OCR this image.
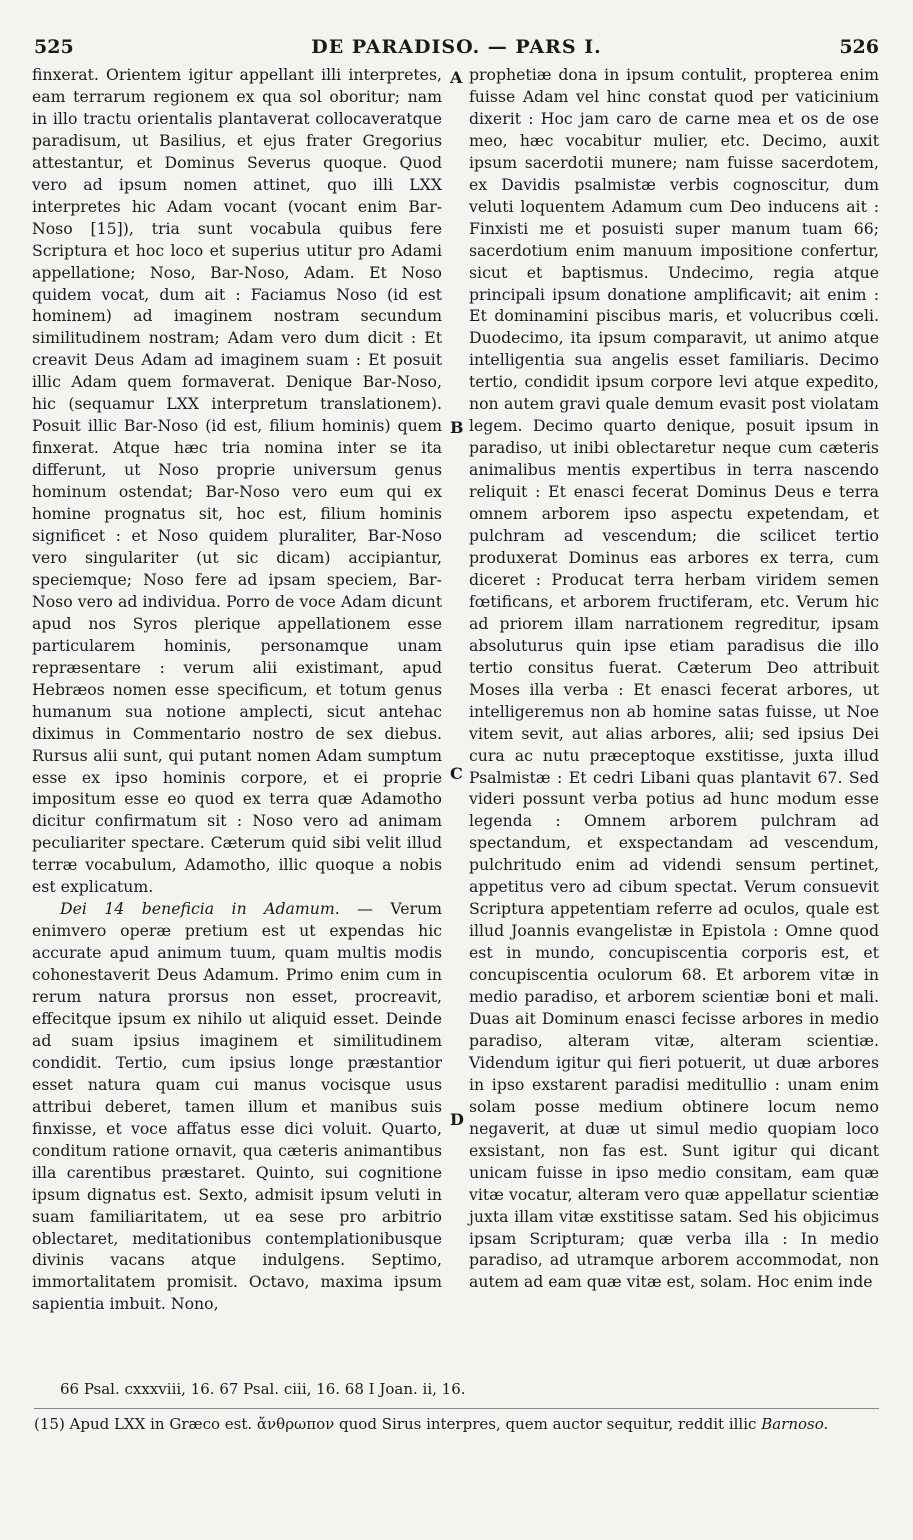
525	DE PARADISO. — PARS I.	526

finxerat. Orientem igitur appellant illi interpretes, eam terrarum regionem ex qua sol oboritur; nam in illo tractu orientalis plantaverat collocaveratque paradisum, ut Basilius, et ejus frater Gregorius attestantur, et Dominus Severus quoque. Quod vero ad ipsum nomen attinet, quo illi LXX interpretes hic Adam vocant (vocant enim Bar-Noso [15]), tria sunt vocabula quibus fere Scriptura et hoc loco et superius utitur pro Adami appellatione; Noso, Bar-Noso, Adam. Et Noso quidem vocat, dum ait : Faciamus Noso (id est hominem) ad imaginem nostram secundum similitudinem nostram; Adam vero dum dicit : Et creavit Deus Adam ad imaginem suam : Et posuit illic Adam quem formaverat. Denique Bar-Noso, hic (sequamur LXX interpretum translationem). Posuit illic Bar-Noso (id est, filium hominis) quem finxerat. Atque hæc tria nomina inter se ita differunt, ut Noso proprie universum genus hominum ostendat; Bar-Noso vero eum qui ex homine prognatus sit, hoc est, filium hominis significet : et Noso quidem pluraliter, Bar-Noso vero singulariter (ut sic dicam) accipiantur, speciemque; Noso fere ad ipsam speciem, Bar-Noso vero ad individua. Porro de voce Adam dicunt apud nos Syros plerique appellationem esse particularem hominis, personamque unam repræsentare : verum alii existimant, apud Hebræos nomen esse specificum, et totum genus humanum sua notione amplecti, sicut antehac diximus in Commentario nostro de sex diebus. Rursus alii sunt, qui putant nomen Adam sumptum esse ex ipso hominis corpore, et ei proprie impositum esse eo quod ex terra quæ Adamotho dicitur confirmatum sit : Noso vero ad animam peculiariter spectare. Cæterum quid sibi velit illud terræ vocabulum, Adamotho, illic quoque a nobis est explicatum.

Dei 14 beneficia in Adamum. — Verum enimvero operæ pretium est ut expendas hic accurate apud animum tuum, quam multis modis cohonestaverit Deus Adamum. Primo enim cum in rerum natura prorsus non esset, procreavit, effecitque ipsum ex nihilo ut aliquid esset. Deinde ad suam ipsius imaginem et similitudinem condidit. Tertio, cum ipsius longe præstantior esset natura quam cui manus vocisque usus attribui deberet, tamen illum et manibus suis finxisse, et voce affatus esse dici voluit. Quarto, conditum ratione ornavit, qua cæteris animantibus illa carentibus præstaret. Quinto, sui cognitione ipsum dignatus est. Sexto, admisit ipsum veluti in suam familiaritatem, ut ea sese pro arbitrio oblectaret, meditationibus contemplationibusque divinis vacans atque indulgens. Septimo, immortalitatem promisit. Octavo, maxima ipsum sapientia imbuit. Nono,

prophetiæ dona in ipsum contulit, propterea enim fuisse Adam vel hinc constat quod per vaticinium dixerit : Hoc jam caro de carne mea et os de ose meo, hæc vocabitur mulier, etc. Decimo, auxit ipsum sacerdotii munere; nam fuisse sacerdotem, ex Davidis psalmistæ verbis cognoscitur, dum veluti loquentem Adamum cum Deo inducens ait : Finxisti me et posuisti super manum tuam 66; sacerdotium enim manuum impositione confertur, sicut et baptismus. Undecimo, regia atque principali ipsum donatione amplificavit; ait enim : Et dominamini piscibus maris, et volucribus cœli. Duodecimo, ita ipsum comparavit, ut animo atque intelligentia sua angelis esset familiaris. Decimo tertio, condidit ipsum corpore levi atque expedito, non autem gravi quale demum evasit post violatam legem. Decimo quarto denique, posuit ipsum in paradiso, ut inibi oblectaretur neque cum cæteris animalibus mentis expertibus in terra nascendo reliquit : Et enasci fecerat Dominus Deus e terra omnem arborem ipso aspectu expetendam, et pulchram ad vescendum; die scilicet tertio produxerat Dominus eas arbores ex terra, cum diceret : Producat terra herbam viridem semen fœtificans, et arborem fructiferam, etc. Verum hic ad priorem illam narrationem regreditur, ipsam absoluturus quin ipse etiam paradisus die illo tertio consitus fuerat. Cæterum Deo attribuit Moses illa verba : Et enasci fecerat arbores, ut intelligeremus non ab homine satas fuisse, ut Noe vitem sevit, aut alias arbores, alii; sed ipsius Dei cura ac nutu præceptoque exstitisse, juxta illud Psalmistæ : Et cedri Libani quas plantavit 67. Sed videri possunt verba potius ad hunc modum esse legenda : Omnem arborem pulchram ad spectandum, et exspectandam ad vescendum, pulchritudo enim ad videndi sensum pertinet, appetitus vero ad cibum spectat. Verum consuevit Scriptura appetentiam referre ad oculos, quale est illud Joannis evangelistæ in Epistola : Omne quod est in mundo, concupiscentia corporis est, et concupiscentia oculorum 68. Et arborem vitæ in medio paradiso, et arborem scientiæ boni et mali. Duas ait Dominum enasci fecisse arbores in medio paradiso, alteram vitæ, alteram scientiæ. Videndum igitur qui fieri potuerit, ut duæ arbores in ipso exstarent paradisi meditullio : unam enim solam posse medium obtinere locum nemo negaverit, at duæ ut simul medio quopiam loco exsistant, non fas est. Sunt igitur qui dicant unicam fuisse in ipso medio consitam, eam quæ vitæ vocatur, alteram vero quæ appellatur scientiæ juxta illam vitæ exstitisse satam. Sed his objicimus ipsam Scripturam; quæ verba illa : In medio paradiso, ad utramque arborem accommodat, non autem ad eam quæ vitæ est, solam. Hoc enim inde

A
B
C
D
66 Psal. cxxxviii, 16. 67 Psal. ciii, 16. 68 I Joan. ii, 16.
(15) Apud LXX in Græco est. ἄνθρωπον quod Sirus interpres, quem auctor sequitur, reddit illic Barnoso.
